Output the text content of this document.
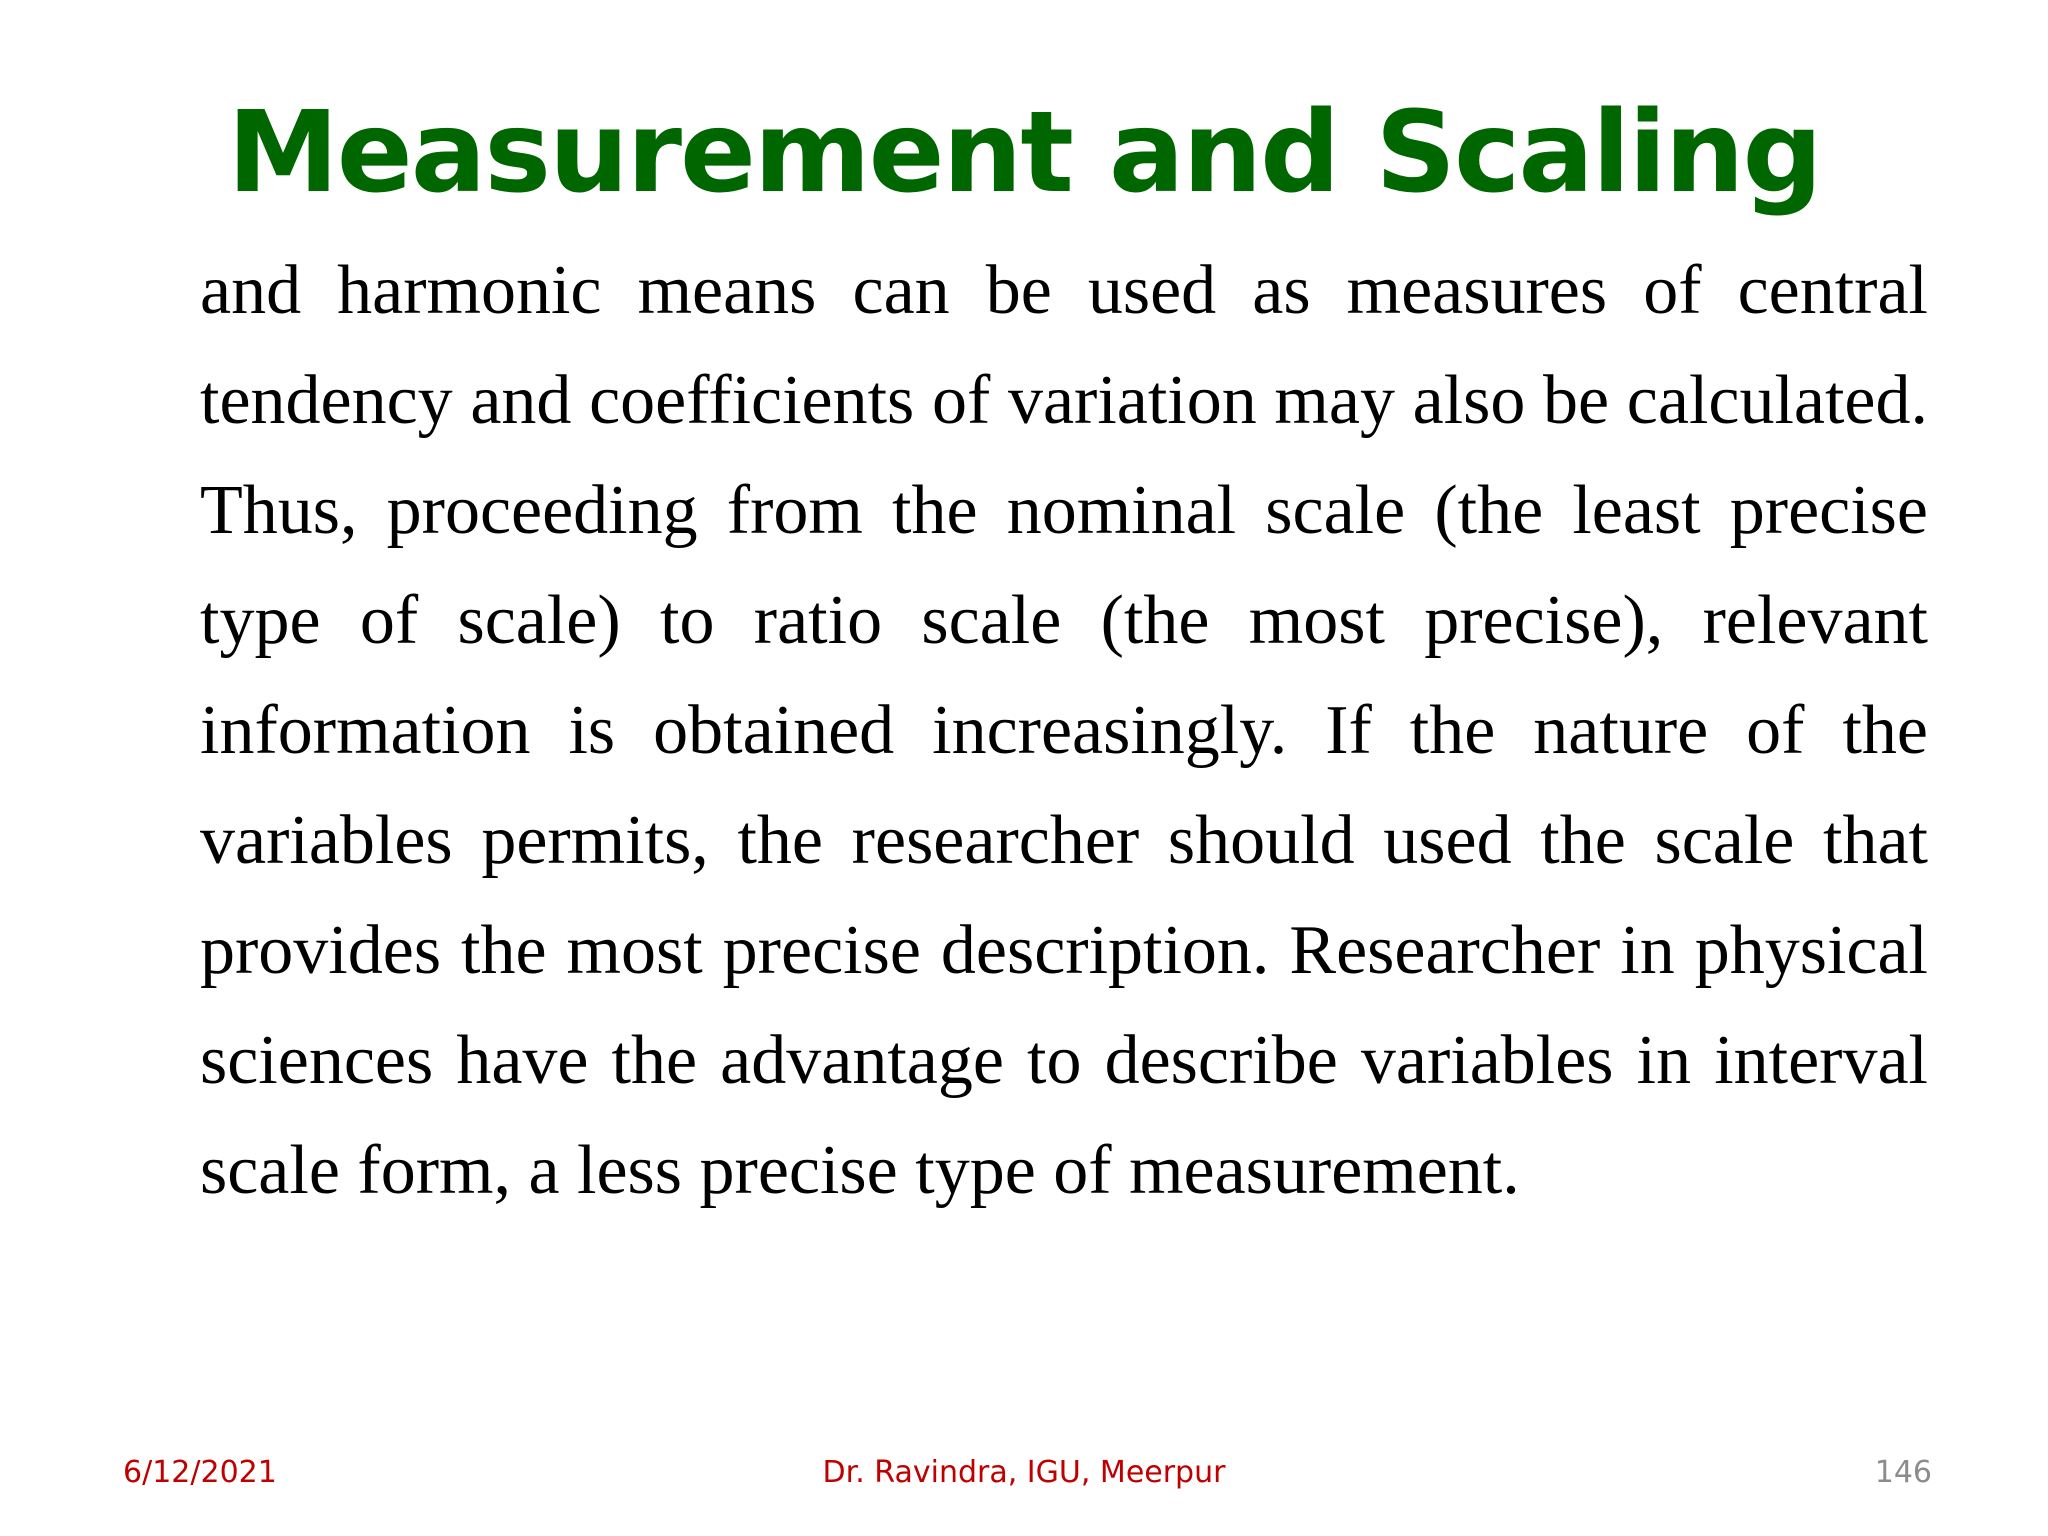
Measurement and Scaling

and harmonic means can be used as measures of central tendency and coefficients of variation may also be calculated. Thus, proceeding from the nominal scale (the least precise type of scale) to ratio scale (the most precise), relevant information is obtained increasingly. If the nature of the variables permits, the researcher should used the scale that provides the most precise description. Researcher in physical sciences have the advantage to describe variables in interval scale form, a less precise type of measurement.

6/12/2021	Dr. Ravindra, IGU, Meerpur	146
